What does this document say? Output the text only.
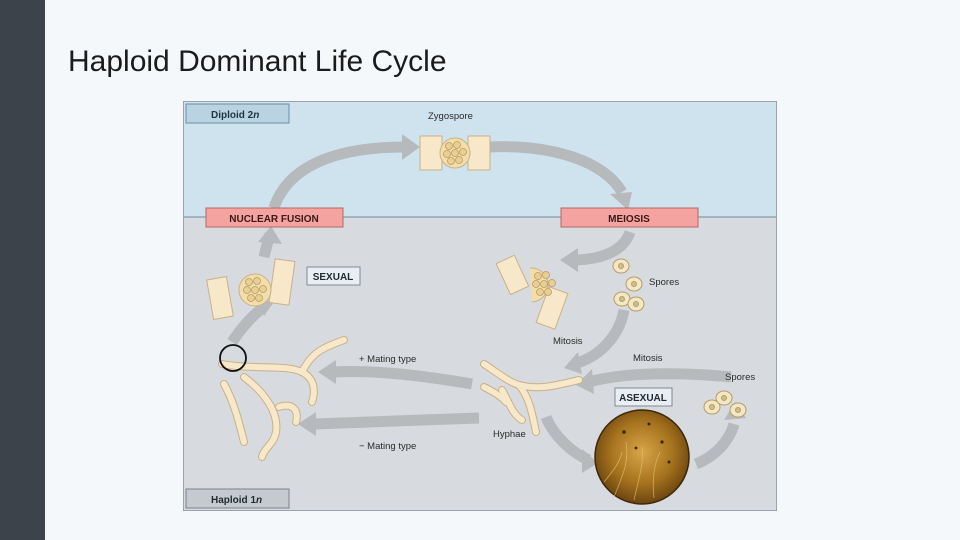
Haploid Dominant Life Cycle
Diploid 2n
Haploid 1n
Zygospore
NUCLEAR FUSION	MEIOSIS
SEXUAL
ASEXUAL
Spores
Spores
Mitosis
Mitosis
+ Mating type
− Mating type
Hyphae
